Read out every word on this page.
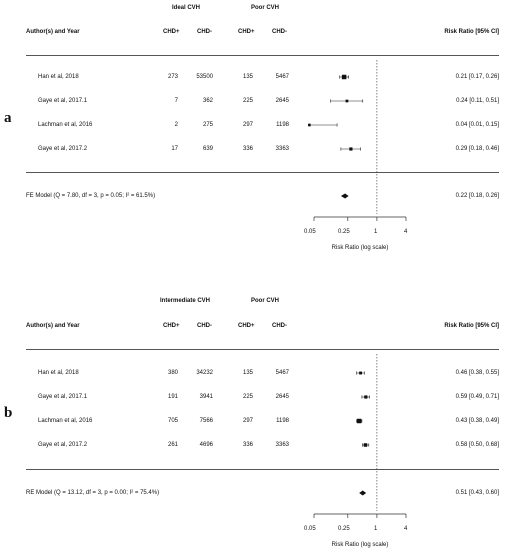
a
Ideal CVH	Poor CVH
Author(s) and Year	CHD+	CHD-	CHD+	CHD-	Risk Ratio [95% CI]
Han et al, 2018	273	53500	135	5467	0.21 [0.17, 0.26]
Gaye et al, 2017.1	7	362	225	2645	0.24 [0.11, 0.51]
Lachman et al, 2016	2	275	297	1198	0.04 [0.01, 0.15]
Gaye et al, 2017.2	17	639	336	3363	0.29 [0.18, 0.46]
FE Model (Q = 7.80, df = 3, p = 0.05; I² = 61.5%)	0.22 [0.18, 0.26]
0.05	0.25	1	4
Risk Ratio (log scale)
b
Intermediate CVH	Poor CVH
Author(s) and Year	CHD+	CHD-	CHD+	CHD-	Risk Ratio [95% CI]
Han et al, 2018	380	34232	135	5467	0.46 [0.38, 0.55]
Gaye et al, 2017.1	191	3941	225	2645	0.59 [0.49, 0.71]
Lachman et al, 2016	705	7566	297	1198	0.43 [0.38, 0.49]
Gaye et al, 2017.2	261	4696	336	3363	0.58 [0.50, 0.68]
RE Model (Q = 13.12, df = 3, p = 0.00; I² = 75.4%)	0.51 [0.43, 0.60]
0.05	0.25	1	4
Risk Ratio (log scale)
